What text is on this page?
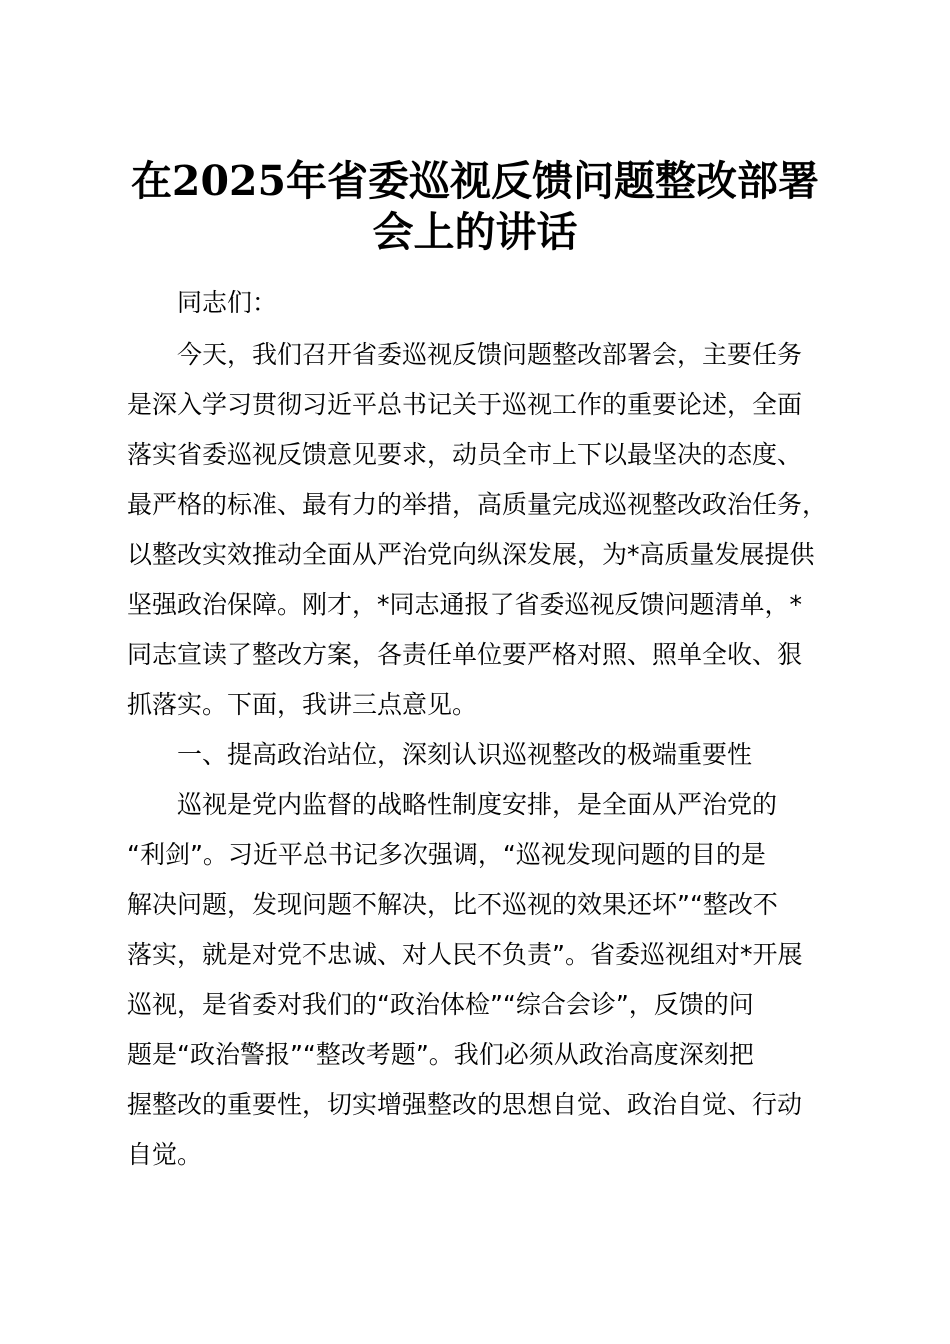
在2025年省委巡视反馈问题整改部署
会上的讲话
同志们：
今天，我们召开省委巡视反馈问题整改部署会，主要任务
是深入学习贯彻习近平总书记关于巡视工作的重要论述，全面
落实省委巡视反馈意见要求，动员全市上下以最坚决的态度、
最严格的标准、最有力的举措，高质量完成巡视整改政治任务，
以整改实效推动全面从严治党向纵深发展，为*高质量发展提供
坚强政治保障。刚才，*同志通报了省委巡视反馈问题清单，*
同志宣读了整改方案，各责任单位要严格对照、照单全收、狠
抓落实。下面，我讲三点意见。
一、提高政治站位，深刻认识巡视整改的极端重要性
巡视是党内监督的战略性制度安排，是全面从严治党的
“利剑”。习近平总书记多次强调，“巡视发现问题的目的是
解决问题，发现问题不解决，比不巡视的效果还坏”“整改不
落实，就是对党不忠诚、对人民不负责”。省委巡视组对*开展
巡视，是省委对我们的“政治体检”“综合会诊”，反馈的问
题是“政治警报”“整改考题”。我们必须从政治高度深刻把
握整改的重要性，切实增强整改的思想自觉、政治自觉、行动
自觉。
